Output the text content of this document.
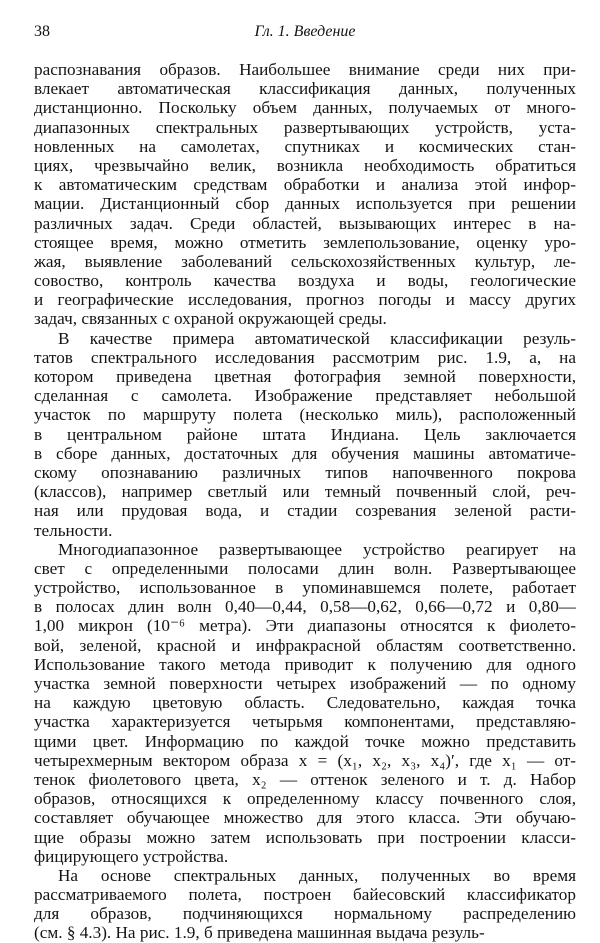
38	Гл. 1. Введение
распознавания образов. Наибольшее внимание среди них при-
влекает автоматическая классификация данных, полученных
дистанционно. Поскольку объем данных, получаемых от много-
диапазонных спектральных развертывающих устройств, уста-
новленных на самолетах, спутниках и космических стан-
циях, чрезвычайно велик, возникла необходимость обратиться
к автоматическим средствам обработки и анализа этой инфор-
мации. Дистанционный сбор данных используется при решении
различных задач. Среди областей, вызывающих интерес в на-
стоящее время, можно отметить землепользование, оценку уро-
жая, выявление заболеваний сельскохозяйственных культур, ле-
совоство, контроль качества воздуха и воды, геологические
и географические исследования, прогноз погоды и массу других
задач, связанных с охраной окружающей среды.
В качестве примера автоматической классификации резуль-
татов спектрального исследования рассмотрим рис. 1.9, а, на
котором приведена цветная фотография земной поверхности,
сделанная с самолета. Изображение представляет небольшой
участок по маршруту полета (несколько миль), расположенный
в центральном районе штата Индиана. Цель заключается
в сборе данных, достаточных для обучения машины автоматиче-
скому опознаванию различных типов напочвенного покрова
(классов), например светлый или темный почвенный слой, реч-
ная или прудовая вода, и стадии созревания зеленой расти-
тельности.
Многодиапазонное развертывающее устройство реагирует на
свет с определенными полосами длин волн. Развертывающее
устройство, использованное в упоминавшемся полете, работает
в полосах длин волн 0,40—0,44, 0,58—0,62, 0,66—0,72 и 0,80—
1,00 микрон (10⁻⁶ метра). Эти диапазоны относятся к фиолето-
вой, зеленой, красной и инфракрасной областям соответственно.
Использование такого метода приводит к получению для одного
участка земной поверхности четырех изображений — по одному
на каждую цветовую область. Следовательно, каждая точка
участка характеризуется четырьмя компонентами, представляю-
щими цвет. Информацию по каждой точке можно представить
четырехмерным вектором образа x = (x₁, x₂, x₃, x₄)′, где x₁ — от-
тенок фиолетового цвета, x₂ — оттенок зеленого и т. д. Набор
образов, относящихся к определенному классу почвенного слоя,
составляет обучающее множество для этого класса. Эти обучаю-
щие образы можно затем использовать при построении класси-
фицирующего устройства.
На основе спектральных данных, полученных во время
рассматриваемого полета, построен байесовский классификатор
для образов, подчиняющихся нормальному распределению
(см. § 4.3). На рис. 1.9, б приведена машинная выдача резуль-
